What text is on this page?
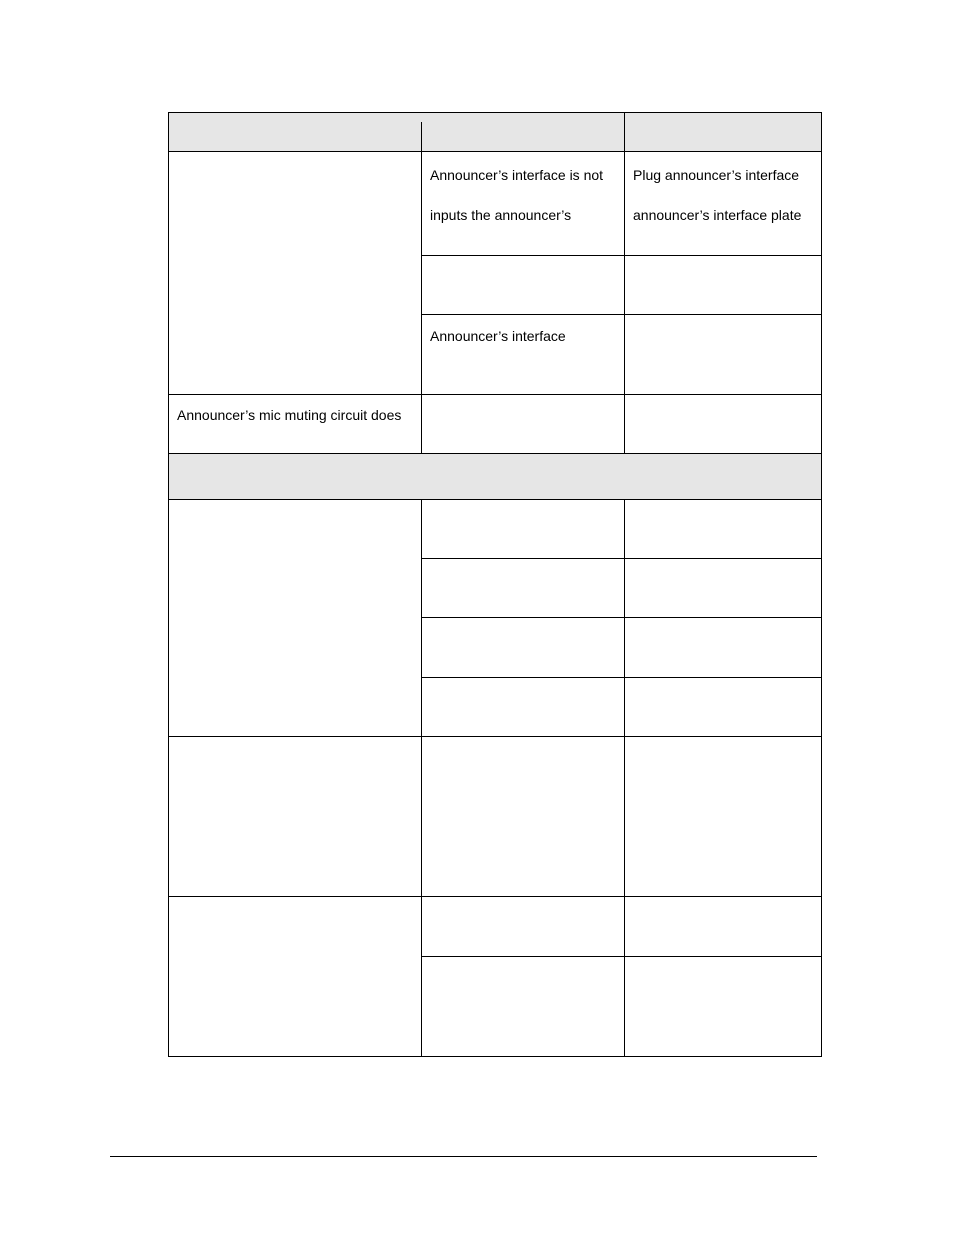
Announcer’s interface is not
inputs the announcer’s
Plug announcer’s interface
announcer’s interface plate
Announcer’s interface
Announcer’s mic muting circuit does
